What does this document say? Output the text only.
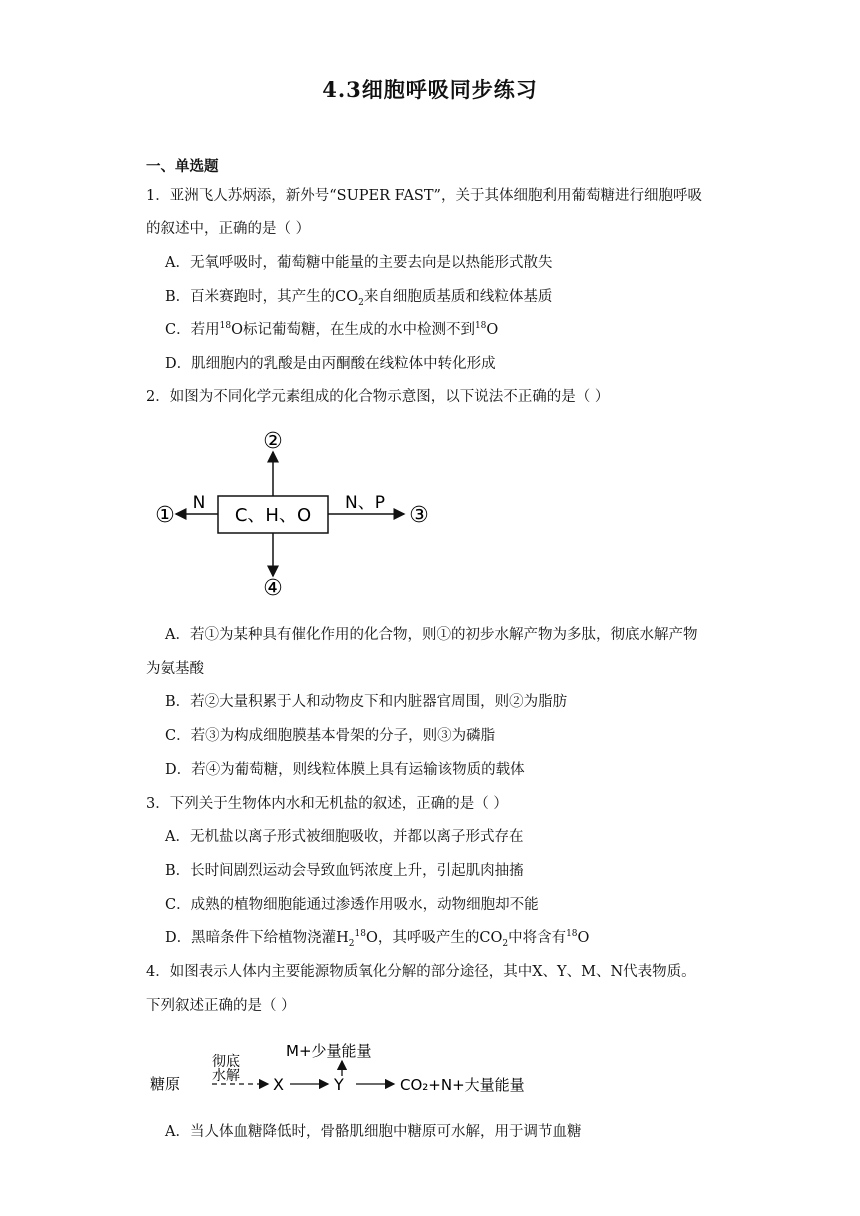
4.3细胞呼吸同步练习
一、单选题
1．亚洲飞人苏炳添，新外号“SUPER FAST”，关于其体细胞利用葡萄糖进行细胞呼吸
的叙述中，正确的是（ ）
A．无氧呼吸时，葡萄糖中能量的主要去向是以热能形式散失
B．百米赛跑时，其产生的$CO_2$来自细胞质基质和线粒体基质
C．若用$^{18}$O标记葡萄糖，在生成的水中检测不到$^{18}$O
D．肌细胞内的乳酸是由丙酮酸在线粒体中转化形成
2．如图为不同化学元素组成的化合物示意图，以下说法不正确的是（ ）
C、H、O
N	N、P
②
①	③
④
糖原
彻底
水解 X	Y
M+少量能量
CO₂+N+大量能量
A．若①为某种具有催化作用的化合物，则①的初步水解产物为多肽，彻底水解产物
为氨基酸
B．若②大量积累于人和动物皮下和内脏器官周围，则②为脂肪
C．若③为构成细胞膜基本骨架的分子，则③为磷脂
D．若④为葡萄糖，则线粒体膜上具有运输该物质的载体
3．下列关于生物体内水和无机盐的叙述，正确的是（ ）
A．无机盐以离子形式被细胞吸收，并都以离子形式存在
B．长时间剧烈运动会导致血钙浓度上升，引起肌肉抽搐
C．成熟的植物细胞能通过渗透作用吸水，动物细胞却不能
D．黑暗条件下给植物浇灌$H_2^{18}O$，其呼吸产生的$CO_2$中将含有$^{18}$O
4．如图表示人体内主要能源物质氧化分解的部分途径，其中X、Y、M、N代表物质。
下列叙述正确的是（ ）
A．当人体血糖降低时，骨骼肌细胞中糖原可水解，用于调节血糖
